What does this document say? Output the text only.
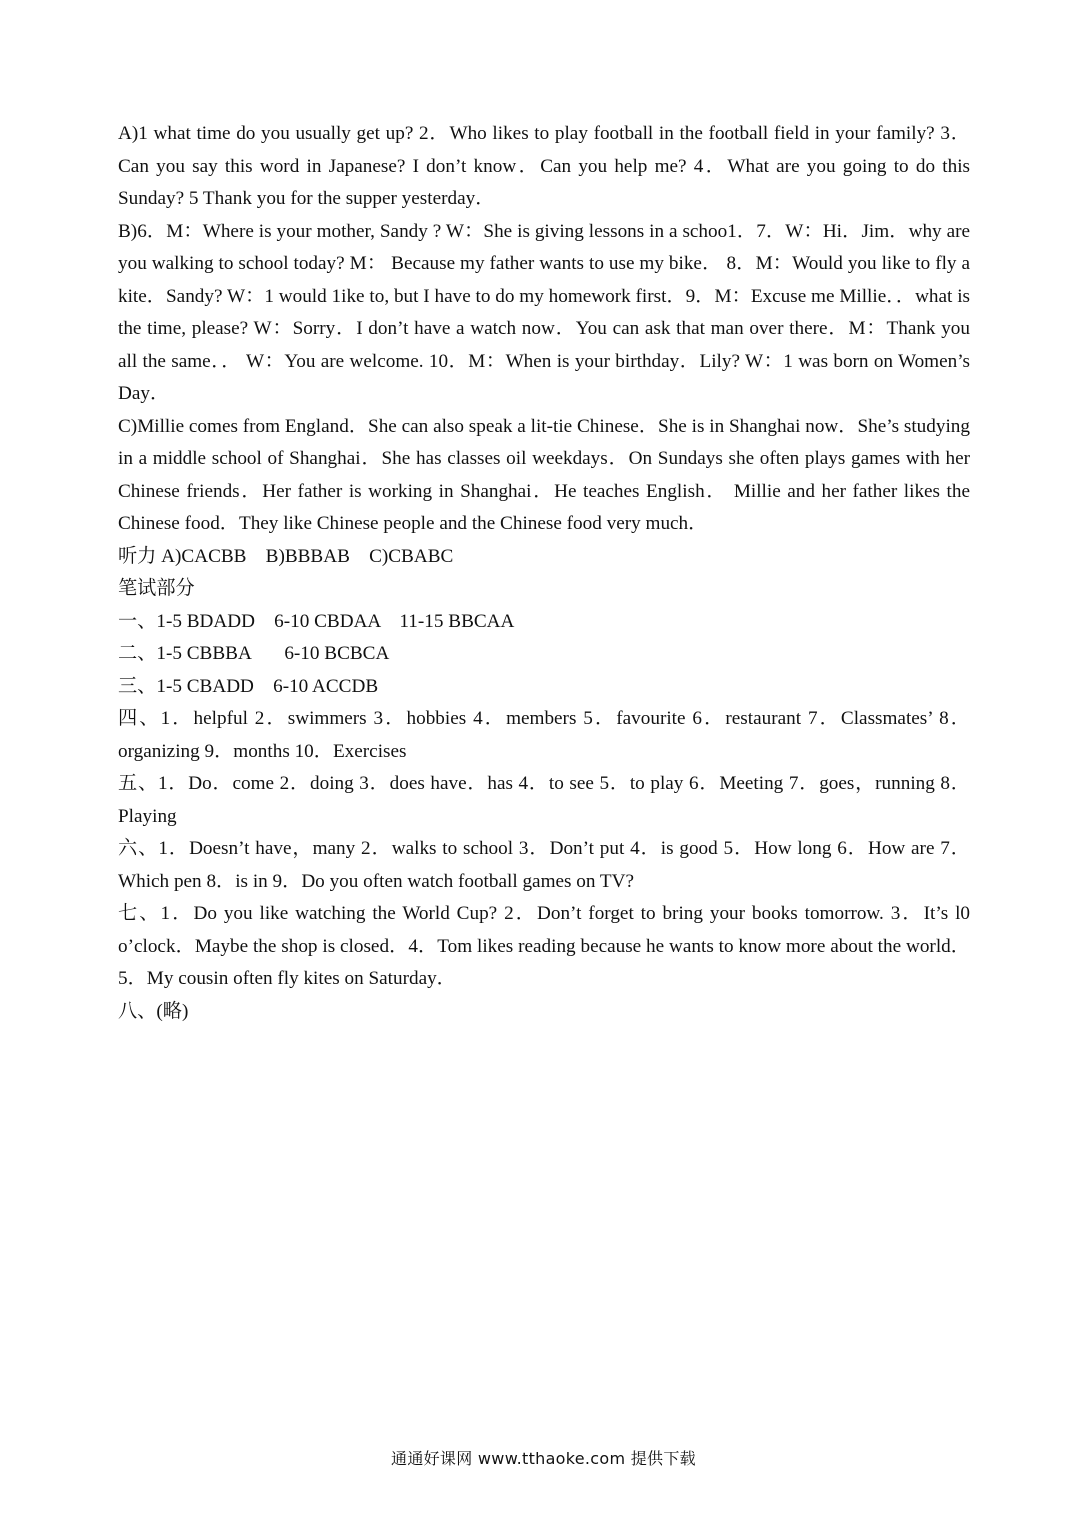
A)1 what time do you usually get up? 2．Who likes to play football in the football field in your family? 3．Can you say this word in Japanese? I don’t know．Can you help me? 4．What are you going to do this Sunday? 5 Thank you for the supper yesterday．

B)6．M：Where is your mother, Sandy ? W：She is giving lessons in a schoo1．7．W：Hi．Jim．why are you walking to school today? M： Because my father wants to use my bike． 8．M：Would you like to fly a kite．Sandy? W：1 would 1ike to, but I have to do my homework first．9．M：Excuse me Millie．．what is the time, please? W：Sorry．I don’t have a watch now．You can ask that man over there．M：Thank you all the same．． W：You are welcome. 10．M：When is your birthday．Lily? W：1 was born on Women’s Day．

C)Millie comes from England．She can also speak a lit-tie Chinese．She is in Shanghai now．She’s studying in a middle school of Shanghai．She has classes oil weekdays．On Sundays she often plays games with her Chinese friends．Her father is working in Shanghai．He teaches English． Millie and her father likes the Chinese food．They like Chinese people and the Chinese food very much．

听力 A)CACBB    B)BBBAB    C)CBABC

笔试部分

一、1-5 BDADD    6-10 CBDAA    11-15 BBCAA

二、1-5 CBBBA       6-10 BCBCA

三、1-5 CBADD    6-10 ACCDB

四、1．helpful 2．swimmers 3．hobbies 4．members 5．favourite 6．restaurant 7．Classmates’ 8．organizing 9．months 10．Exercises

五、1．Do．come 2．doing 3．does have．has 4．to see 5．to play 6．Meeting 7．goes，running 8．Playing

六、1．Doesn’t have，many 2．walks to school 3．Don’t put 4．is good 5．How long 6．How are 7．Which pen 8．is in 9．Do you often watch football games on TV?

七、1．Do you like watching the World Cup? 2．Don’t forget to bring your books tomorrow. 3．It’s l0 o’clock．Maybe the shop is closed．4．Tom likes reading because he wants to know more about the world．5．My cousin often fly kites on Saturday．

八、(略)

通通好课网 www.tthaoke.com 提供下载
